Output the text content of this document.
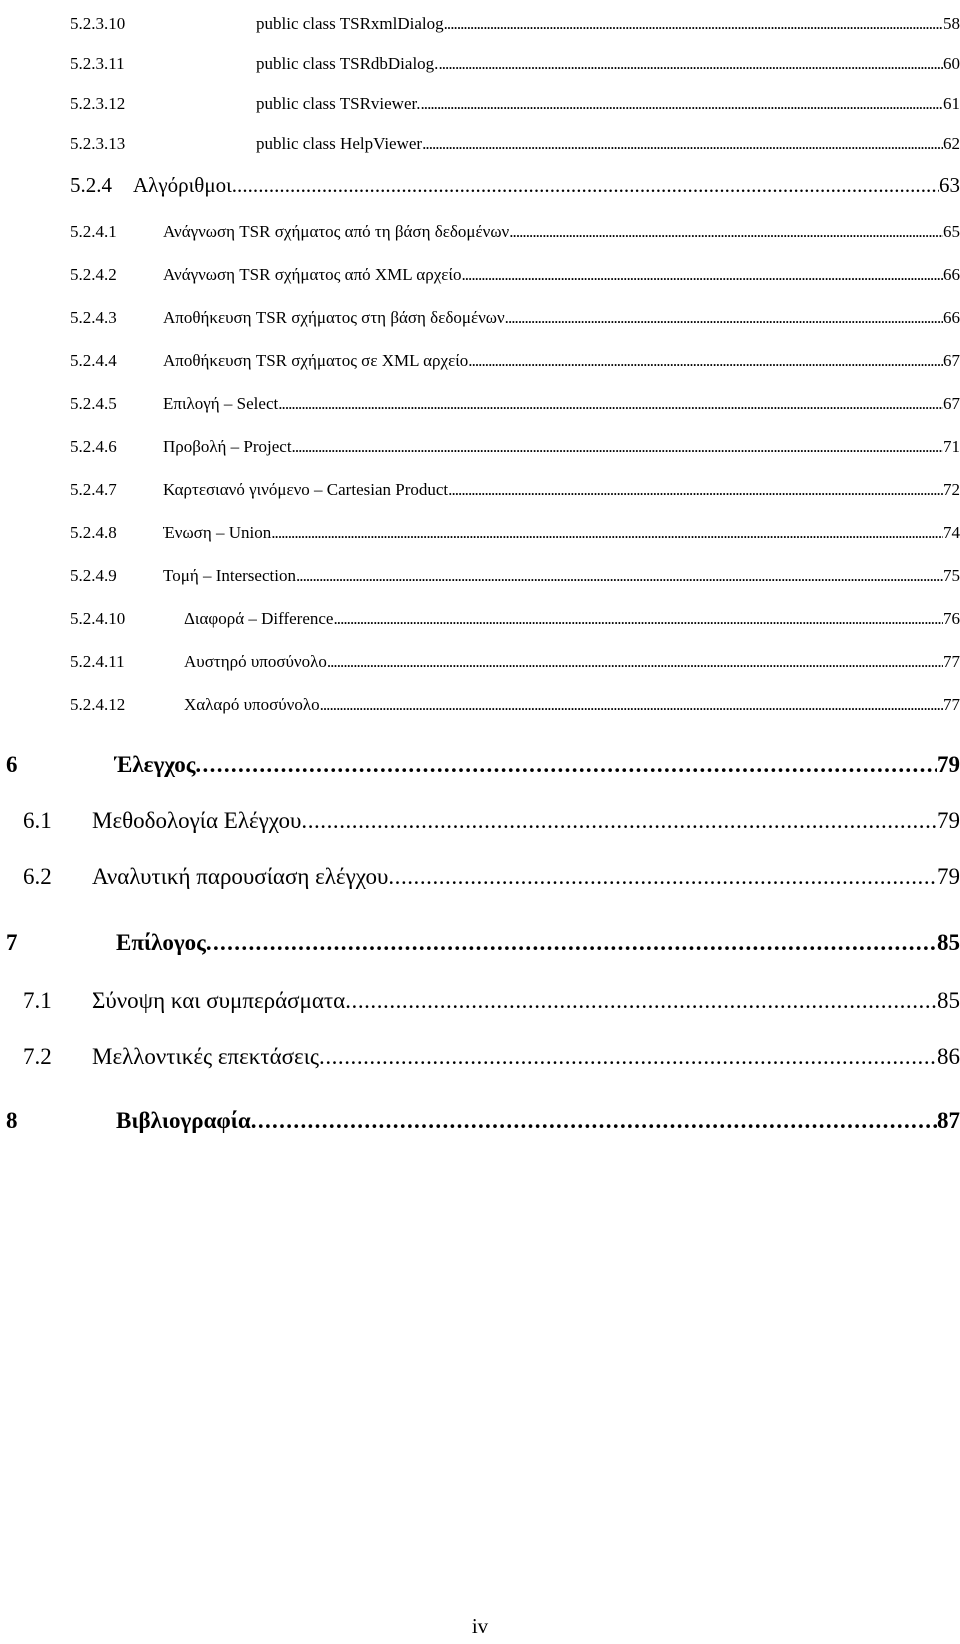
5.2.3.10	public class TSRxmlDialog . . .	58
5.2.3.11	public class TSRdbDialog. . . .	60
5.2.3.12	public class TSRviewer. . . .	61
5.2.3.13	public class HelpViewer . . .	62
5.2.4	Αλγόριθμοι . . .	63
5.2.4.1	Ανάγνωση TSR σχήματος από τη βάση δεδομένων . . .	65
5.2.4.2	Ανάγνωση TSR σχήματος από XML αρχείο . . .	66
5.2.4.3	Αποθήκευση TSR σχήματος στη βάση δεδομένων . . .	66
5.2.4.4	Αποθήκευση TSR σχήματος σε XML αρχείο . . .	67
5.2.4.5	Επιλογή – Select . . .	67
5.2.4.6	Προβολή – Project . . .	71
5.2.4.7	Καρτεσιανό γινόμενο – Cartesian Product . . .	72
5.2.4.8	Ένωση – Union . . .	74
5.2.4.9	Τομή – Intersection . . .	75
5.2.4.10	Διαφορά – Difference . . .	76
5.2.4.11	Αυστηρό υποσύνολο . . .	77
5.2.4.12	Χαλαρό υποσύνολο . . .	77
6	Έλεγχος . . .	79
6.1	Μεθοδολογία Ελέγχου . . .	79
6.2	Αναλυτική παρουσίαση ελέγχου . . .	79
7	Επίλογος . . .	85
7.1	Σύνοψη και συμπεράσματα . . .	85
7.2	Μελλοντικές επεκτάσεις . . .	86
8	Βιβλιογραφία . . .	87
iv
